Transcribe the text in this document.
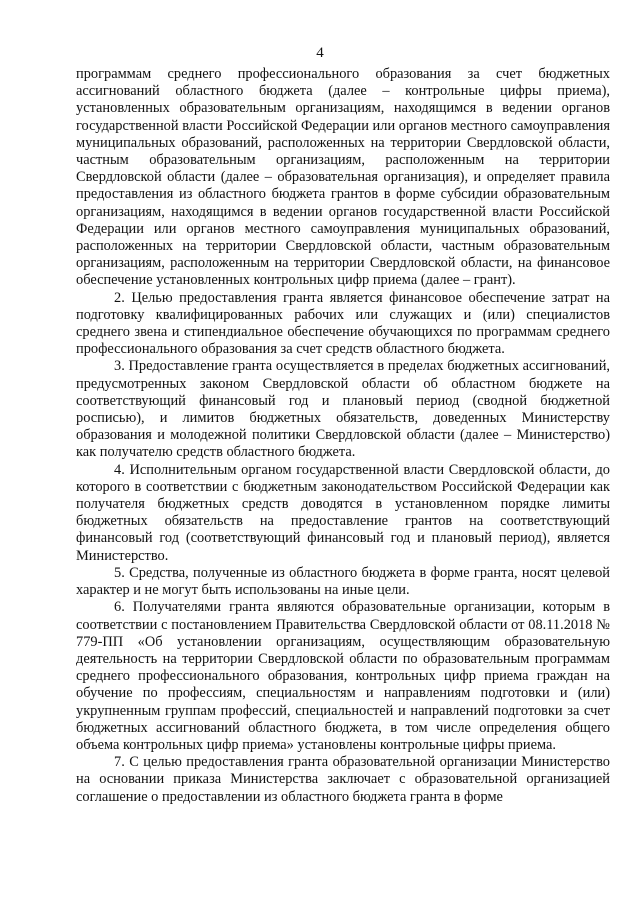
4

программам среднего профессионального образования за счет бюджетных ассигнований областного бюджета (далее – контрольные цифры приема), установленных образовательным организациям, находящимся в ведении органов государственной власти Российской Федерации или органов местного самоуправления муниципальных образований, расположенных на территории Свердловской области, частным образовательным организациям, расположенным на территории Свердловской области (далее – образовательная организация), и определяет правила предоставления из областного бюджета грантов в форме субсидии образовательным организациям, находящимся в ведении органов государственной власти Российской Федерации или органов местного самоуправления муниципальных образований, расположенных на территории Свердловской области, частным образовательным организациям, расположенным на территории Свердловской области, на финансовое обеспечение установленных контрольных цифр приема (далее – грант).

2. Целью предоставления гранта является финансовое обеспечение затрат на подготовку квалифицированных рабочих или служащих и (или) специалистов среднего звена и стипендиальное обеспечение обучающихся по программам среднего профессионального образования за счет средств областного бюджета.

3. Предоставление гранта осуществляется в пределах бюджетных ассигнований, предусмотренных законом Свердловской области об областном бюджете на соответствующий финансовый год и плановый период (сводной бюджетной росписью), и лимитов бюджетных обязательств, доведенных Министерству образования и молодежной политики Свердловской области (далее – Министерство) как получателю средств областного бюджета.

4. Исполнительным органом государственной власти Свердловской области, до которого в соответствии с бюджетным законодательством Российской Федерации как получателя бюджетных средств доводятся в установленном порядке лимиты бюджетных обязательств на предоставление грантов на соответствующий финансовый год (соответствующий финансовый год и плановый период), является Министерство.

5. Средства, полученные из областного бюджета в форме гранта, носят целевой характер и не могут быть использованы на иные цели.

6. Получателями гранта являются образовательные организации, которым в соответствии с постановлением Правительства Свердловской области от 08.11.2018 № 779-ПП «Об установлении организациям, осуществляющим образовательную деятельность на территории Свердловской области по образовательным программам среднего профессионального образования, контрольных цифр приема граждан на обучение по профессиям, специальностям и направлениям подготовки и (или) укрупненным группам профессий, специальностей и направлений подготовки за счет бюджетных ассигнований областного бюджета, в том числе определения общего объема контрольных цифр приема» установлены контрольные цифры приема.

7. С целью предоставления гранта образовательной организации Министерство на основании приказа Министерства заключает с образовательной организацией соглашение о предоставлении из областного бюджета гранта в форме
